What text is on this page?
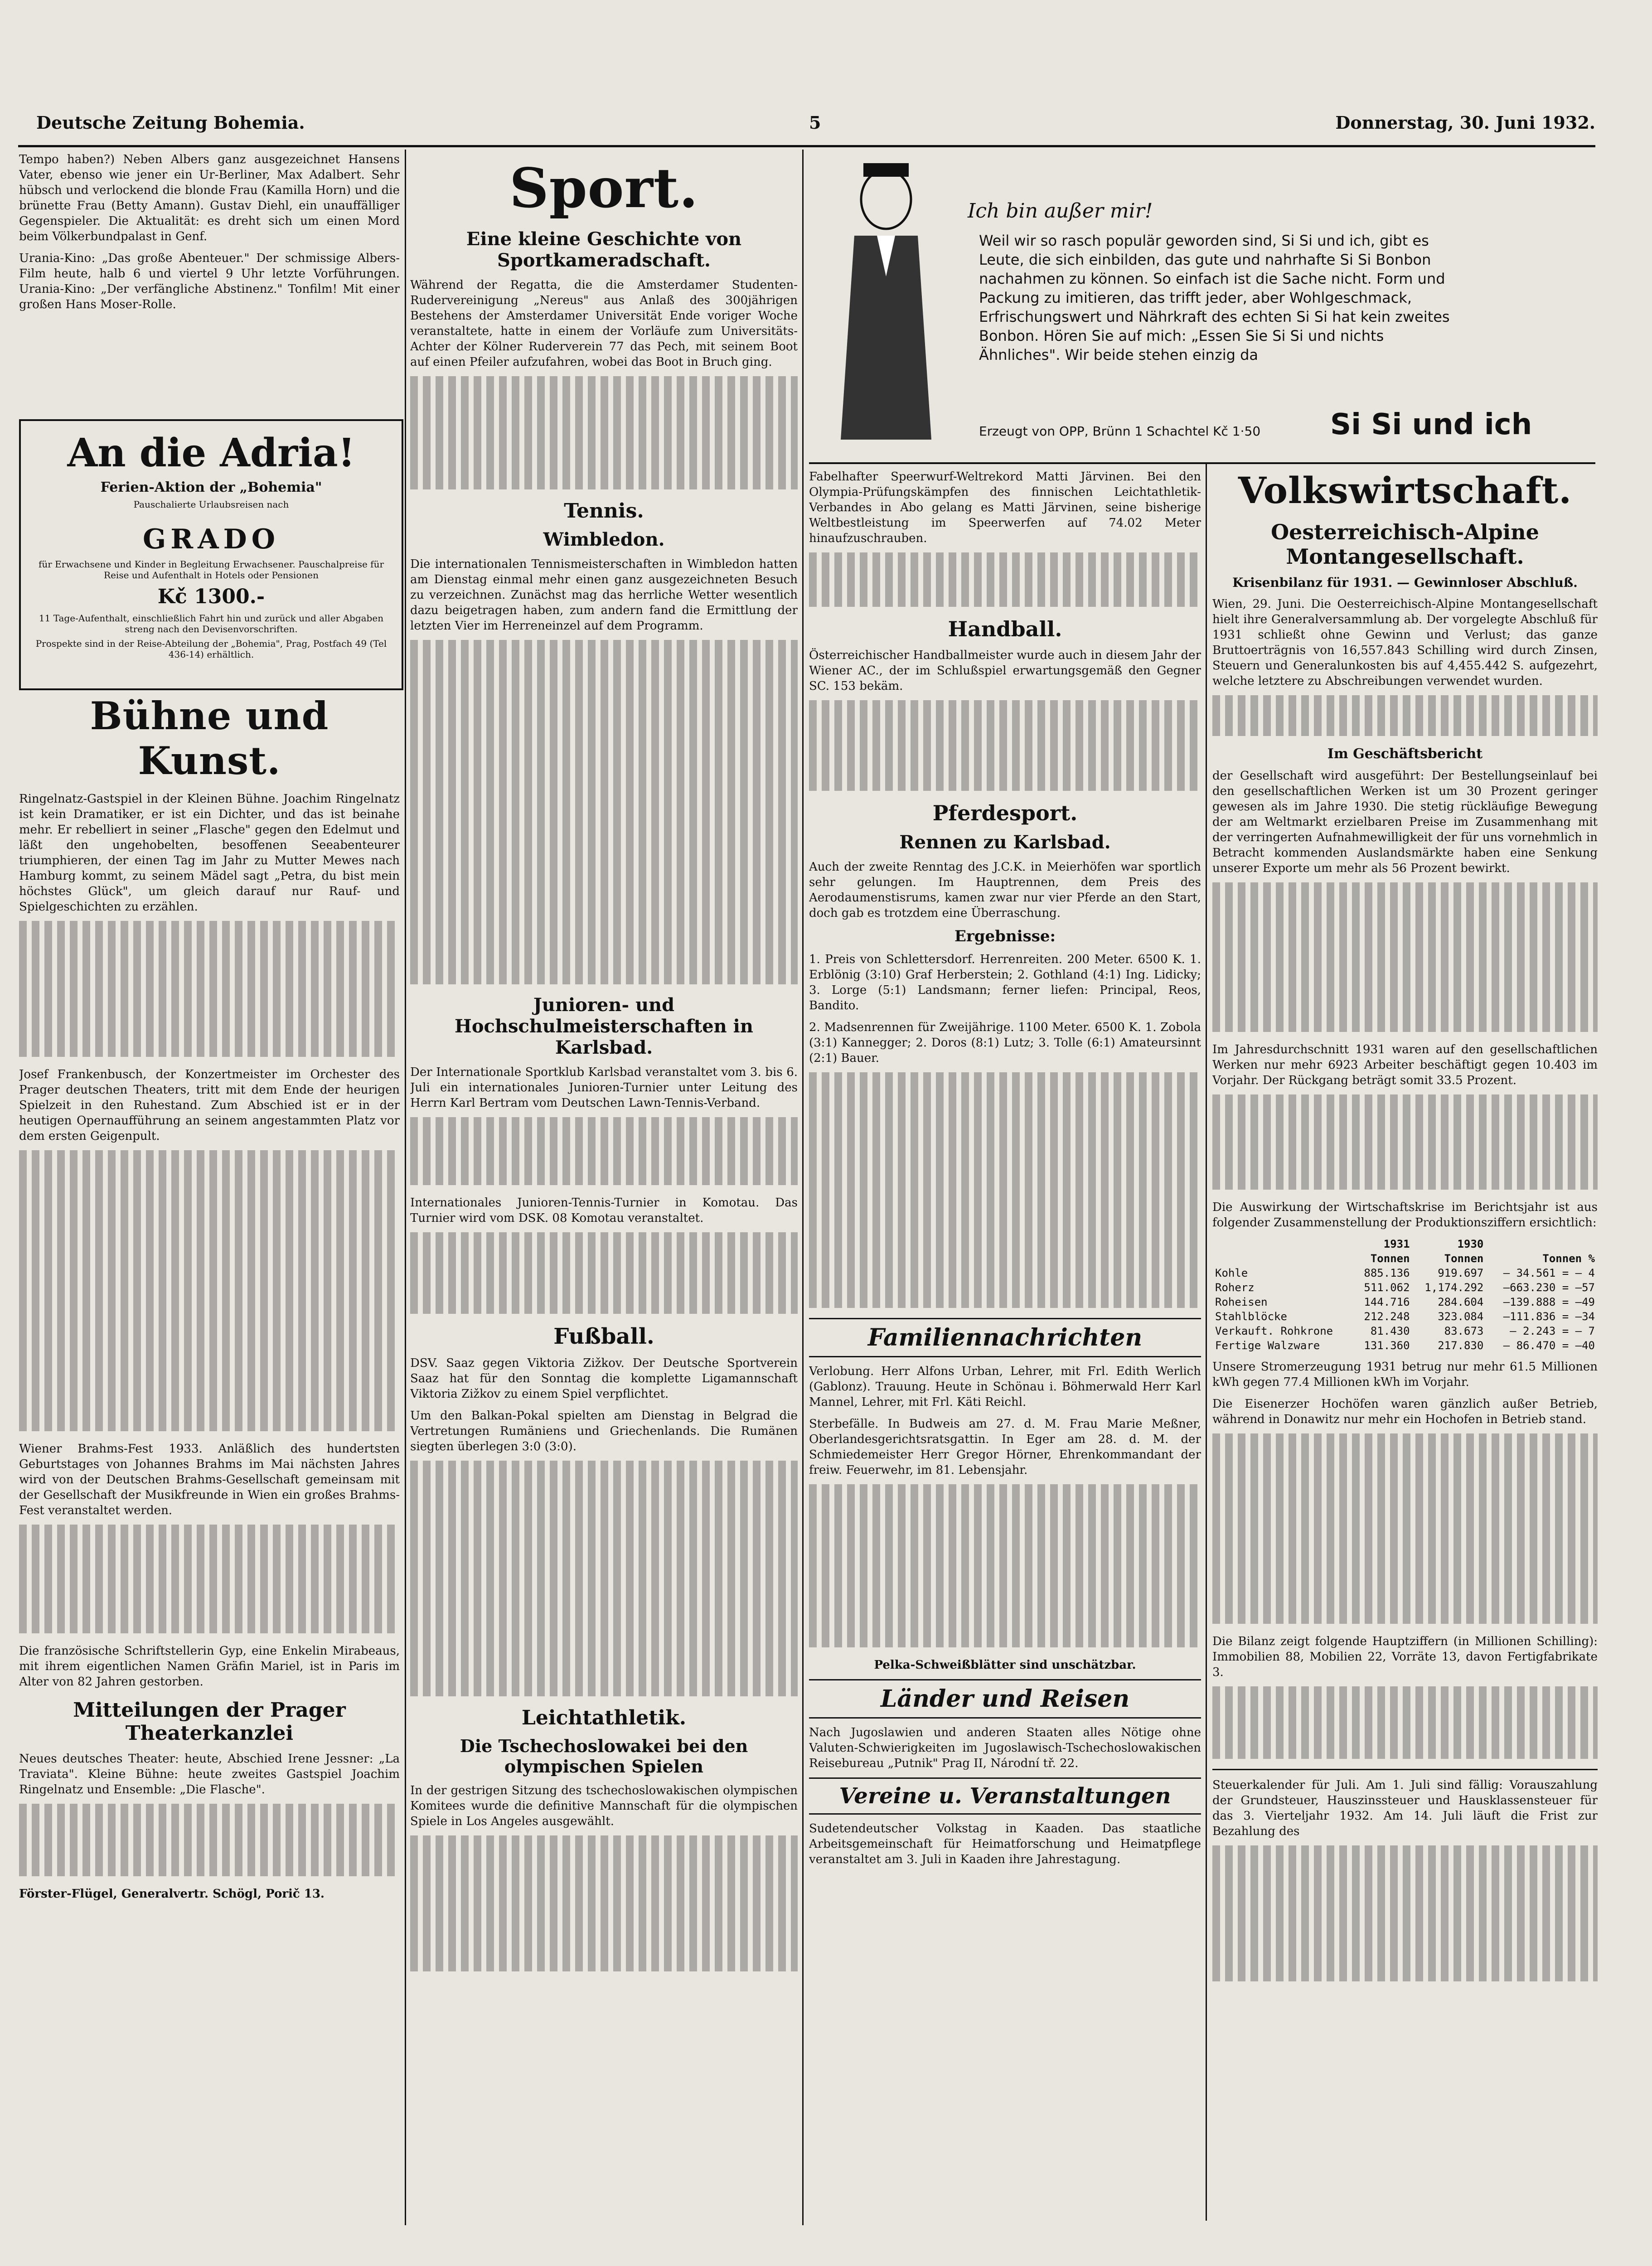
Deutsche Zeitung Bohemia.	5	Donnerstag, 30. Juni 1932.

Tempo haben?) Neben Albers ganz ausgezeichnet Hansens Vater, ebenso wie jener ein Ur-Berliner, Max Adalbert. Sehr hübsch und verlockend die blonde Frau (Kamilla Horn) und die brünette Frau (Betty Amann). Gustav Diehl, ein unauffälliger Gegenspieler. Die Aktualität: es dreht sich um einen Mord beim Völkerbundpalast in Genf.

Urania-Kino: „Das große Abenteuer." Der schmissige Albers-Film heute, halb 6 und viertel 9 Uhr letzte Vorführungen. Urania-Kino: „Der verfängliche Abstinenz." Tonfilm! Mit einer großen Hans Moser-Rolle.

An die Adria!
Ferien-Aktion der „Bohemia"
Pauschalierte Urlaubsreisen nach
GRADO
für Erwachsene und Kinder in Begleitung Erwachsener. Pauschalpreise für Reise und Aufenthalt in Hotels oder Pensionen
Kč 1300.-
11 Tage-Aufenthalt, einschließlich Fahrt hin und zurück und aller Abgaben streng nach den Devisenvorschriften.
Prospekte sind in der Reise-Abteilung der „Bohemia", Prag, Postfach 49 (Tel 436-14) erhältlich.
Bühne und Kunst.

Ringelnatz-Gastspiel in der Kleinen Bühne. Joachim Ringelnatz ist kein Dramatiker, er ist ein Dichter, und das ist beinahe mehr. Er rebelliert in seiner „Flasche" gegen den Edelmut und läßt den ungehobelten, besoffenen Seeabenteurer triumphieren, der einen Tag im Jahr zu Mutter Mewes nach Hamburg kommt, zu seinem Mädel sagt „Petra, du bist mein höchstes Glück", um gleich darauf nur Rauf- und Spielgeschichten zu erzählen.

Josef Frankenbusch, der Konzertmeister im Orchester des Prager deutschen Theaters, tritt mit dem Ende der heurigen Spielzeit in den Ruhestand. Zum Abschied ist er in der heutigen Opernaufführung an seinem angestammten Platz vor dem ersten Geigenpult.

Wiener Brahms-Fest 1933. Anläßlich des hundertsten Geburtstages von Johannes Brahms im Mai nächsten Jahres wird von der Deutschen Brahms-Gesellschaft gemeinsam mit der Gesellschaft der Musikfreunde in Wien ein großes Brahms-Fest veranstaltet werden.

Die französische Schriftstellerin Gyp, eine Enkelin Mirabeaus, mit ihrem eigentlichen Namen Gräfin Mariel, ist in Paris im Alter von 82 Jahren gestorben.

Mitteilungen der Prager Theaterkanzlei

Neues deutsches Theater: heute, Abschied Irene Jessner: „La Traviata". Kleine Bühne: heute zweites Gastspiel Joachim Ringelnatz und Ensemble: „Die Flasche".

Förster-Flügel, Generalvertr. Schögl, Porič 13.

Sport.
Eine kleine Geschichte von Sportkameradschaft.

Während der Regatta, die die Amsterdamer Studenten-Rudervereinigung „Nereus" aus Anlaß des 300jährigen Bestehens der Amsterdamer Universität Ende voriger Woche veranstaltete, hatte in einem der Vorläufe zum Universitäts-Achter der Kölner Ruderverein 77 das Pech, mit seinem Boot auf einen Pfeiler aufzufahren, wobei das Boot in Bruch ging.

Tennis.
Wimbledon.

Die internationalen Tennismeisterschaften in Wimbledon hatten am Dienstag einmal mehr einen ganz ausgezeichneten Besuch zu verzeichnen. Zunächst mag das herrliche Wetter wesentlich dazu beigetragen haben, zum andern fand die Ermittlung der letzten Vier im Herreneinzel auf dem Programm.

Junioren- und Hochschulmeisterschaften in Karlsbad.

Der Internationale Sportklub Karlsbad veranstaltet vom 3. bis 6. Juli ein internationales Junioren-Turnier unter Leitung des Herrn Karl Bertram vom Deutschen Lawn-Tennis-Verband.

Internationales Junioren-Tennis-Turnier in Komotau. Das Turnier wird vom DSK. 08 Komotau veranstaltet.

Fußball.

DSV. Saaz gegen Viktoria Zižkov. Der Deutsche Sportverein Saaz hat für den Sonntag die komplette Ligamannschaft Viktoria Zižkov zu einem Spiel verpflichtet.

Um den Balkan-Pokal spielten am Dienstag in Belgrad die Vertretungen Rumäniens und Griechenlands. Die Rumänen siegten überlegen 3:0 (3:0).

Leichtathletik.
Die Tschechoslowakei bei den olympischen Spielen

In der gestrigen Sitzung des tschechoslowakischen olympischen Komitees wurde die definitive Mannschaft für die olympischen Spiele in Los Angeles ausgewählt.

Ich bin außer mir!
Weil wir so rasch populär geworden sind, Si Si und ich, gibt es Leute, die sich einbilden, das gute und nahrhafte Si Si Bonbon nachahmen zu können. So einfach ist die Sache nicht. Form und Packung zu imitieren, das trifft jeder, aber Wohlgeschmack, Erfrischungswert und Nährkraft des echten Si Si hat kein zweites Bonbon. Hören Sie auf mich: „Essen Sie Si Si und nichts Ähnliches". Wir beide stehen einzig da
Erzeugt von OPP, Brünn 1 Schachtel Kč 1·50 Si Si und ich

Fabelhafter Speerwurf-Weltrekord Matti Järvinen. Bei den Olympia-Prüfungskämpfen des finnischen Leichtathletik-Verbandes in Abo gelang es Matti Järvinen, seine bisherige Weltbestleistung im Speerwerfen auf 74.02 Meter hinaufzuschrauben.

Handball.

Österreichischer Handballmeister wurde auch in diesem Jahr der Wiener AC., der im Schlußspiel erwartungsgemäß den Gegner SC. 153 bekäm.

Pferdesport.
Rennen zu Karlsbad.

Auch der zweite Renntag des J.C.K. in Meierhöfen war sportlich sehr gelungen. Im Hauptrennen, dem Preis des Aerodaumenstisrums, kamen zwar nur vier Pferde an den Start, doch gab es trotzdem eine Überraschung.

Ergebnisse:

1. Preis von Schlettersdorf. Herrenreiten. 200 Meter. 6500 K. 1. Erblönig (3:10) Graf Herberstein; 2. Gothland (4:1) Ing. Lidicky; 3. Lorge (5:1) Landsmann; ferner liefen: Principal, Reos, Bandito.

2. Madsenrennen für Zweijährige. 1100 Meter. 6500 K. 1. Zobola (3:1) Kannegger; 2. Doros (8:1) Lutz; 3. Tolle (6:1) Amateursinnt (2:1) Bauer.

Familiennachrichten

Verlobung. Herr Alfons Urban, Lehrer, mit Frl. Edith Werlich (Gablonz). Trauung. Heute in Schönau i. Böhmerwald Herr Karl Mannel, Lehrer, mit Frl. Käti Reichl.

Sterbefälle. In Budweis am 27. d. M. Frau Marie Meßner, Oberlandesgerichtsratsgattin. In Eger am 28. d. M. der Schmiedemeister Herr Gregor Hörner, Ehrenkommandant der freiw. Feuerwehr, im 81. Lebensjahr.

Pelka-Schweißblätter sind unschätzbar.

Länder und Reisen

Nach Jugoslawien und anderen Staaten alles Nötige ohne Valuten-Schwierigkeiten im Jugoslawisch-Tschechoslowakischen Reisebureau „Putnik" Prag II, Národní tř. 22.

Vereine u. Veranstaltungen

Sudetendeutscher Volkstag in Kaaden. Das staatliche Arbeitsgemeinschaft für Heimatforschung und Heimatpflege veranstaltet am 3. Juli in Kaaden ihre Jahrestagung.

Volkswirtschaft.
Oesterreichisch-Alpine Montangesellschaft.
Krisenbilanz für 1931. — Gewinnloser Abschluß.

Wien, 29. Juni. Die Oesterreichisch-Alpine Montangesellschaft hielt ihre Generalversammlung ab. Der vorgelegte Abschluß für 1931 schließt ohne Gewinn und Verlust; das ganze Bruttoerträgnis von 16,557.843 Schilling wird durch Zinsen, Steuern und Generalunkosten bis auf 4,455.442 S. aufgezehrt, welche letztere zu Abschreibungen verwendet wurden.

Im Geschäftsbericht

der Gesellschaft wird ausgeführt: Der Bestellungseinlauf bei den gesellschaftlichen Werken ist um 30 Prozent geringer gewesen als im Jahre 1930. Die stetig rückläufige Bewegung der am Weltmarkt erzielbaren Preise im Zusammenhang mit der verringerten Aufnahmewilligkeit der für uns vornehmlich in Betracht kommenden Auslandsmärkte haben eine Senkung unserer Exporte um mehr als 56 Prozent bewirkt.

Im Jahresdurchschnitt 1931 waren auf den gesellschaftlichen Werken nur mehr 6923 Arbeiter beschäftigt gegen 10.403 im Vorjahr. Der Rückgang beträgt somit 33.5 Prozent.

Die Auswirkung der Wirtschaftskrise im Berichtsjahr ist aus folgender Zusammenstellung der Produktionsziffern ersichtlich:

	1931	1930	
	Tonnen	Tonnen	Tonnen %
Kohle	885.136	919.697	— 34.561 = — 4
Roherz	511.062	1,174.292	—663.230 = —57
Roheisen	144.716	284.604	—139.888 = —49
Stahlblöcke	212.248	323.084	—111.836 = —34
Verkauft. Rohkrone	81.430	83.673	— 2.243 = — 7
Fertige Walzware	131.360	217.830	— 86.470 = —40

Unsere Stromerzeugung 1931 betrug nur mehr 61.5 Millionen kWh gegen 77.4 Millionen kWh im Vorjahr.

Die Eisenerzer Hochöfen waren gänzlich außer Betrieb, während in Donawitz nur mehr ein Hochofen in Betrieb stand.

Die Bilanz zeigt folgende Hauptziffern (in Millionen Schilling): Immobilien 88, Mobilien 22, Vorräte 13, davon Fertigfabrikate 3.

Steuerkalender für Juli. Am 1. Juli sind fällig: Vorauszahlung der Grundsteuer, Hauszinssteuer und Hausklassensteuer für das 3. Vierteljahr 1932. Am 14. Juli läuft die Frist zur Bezahlung des
